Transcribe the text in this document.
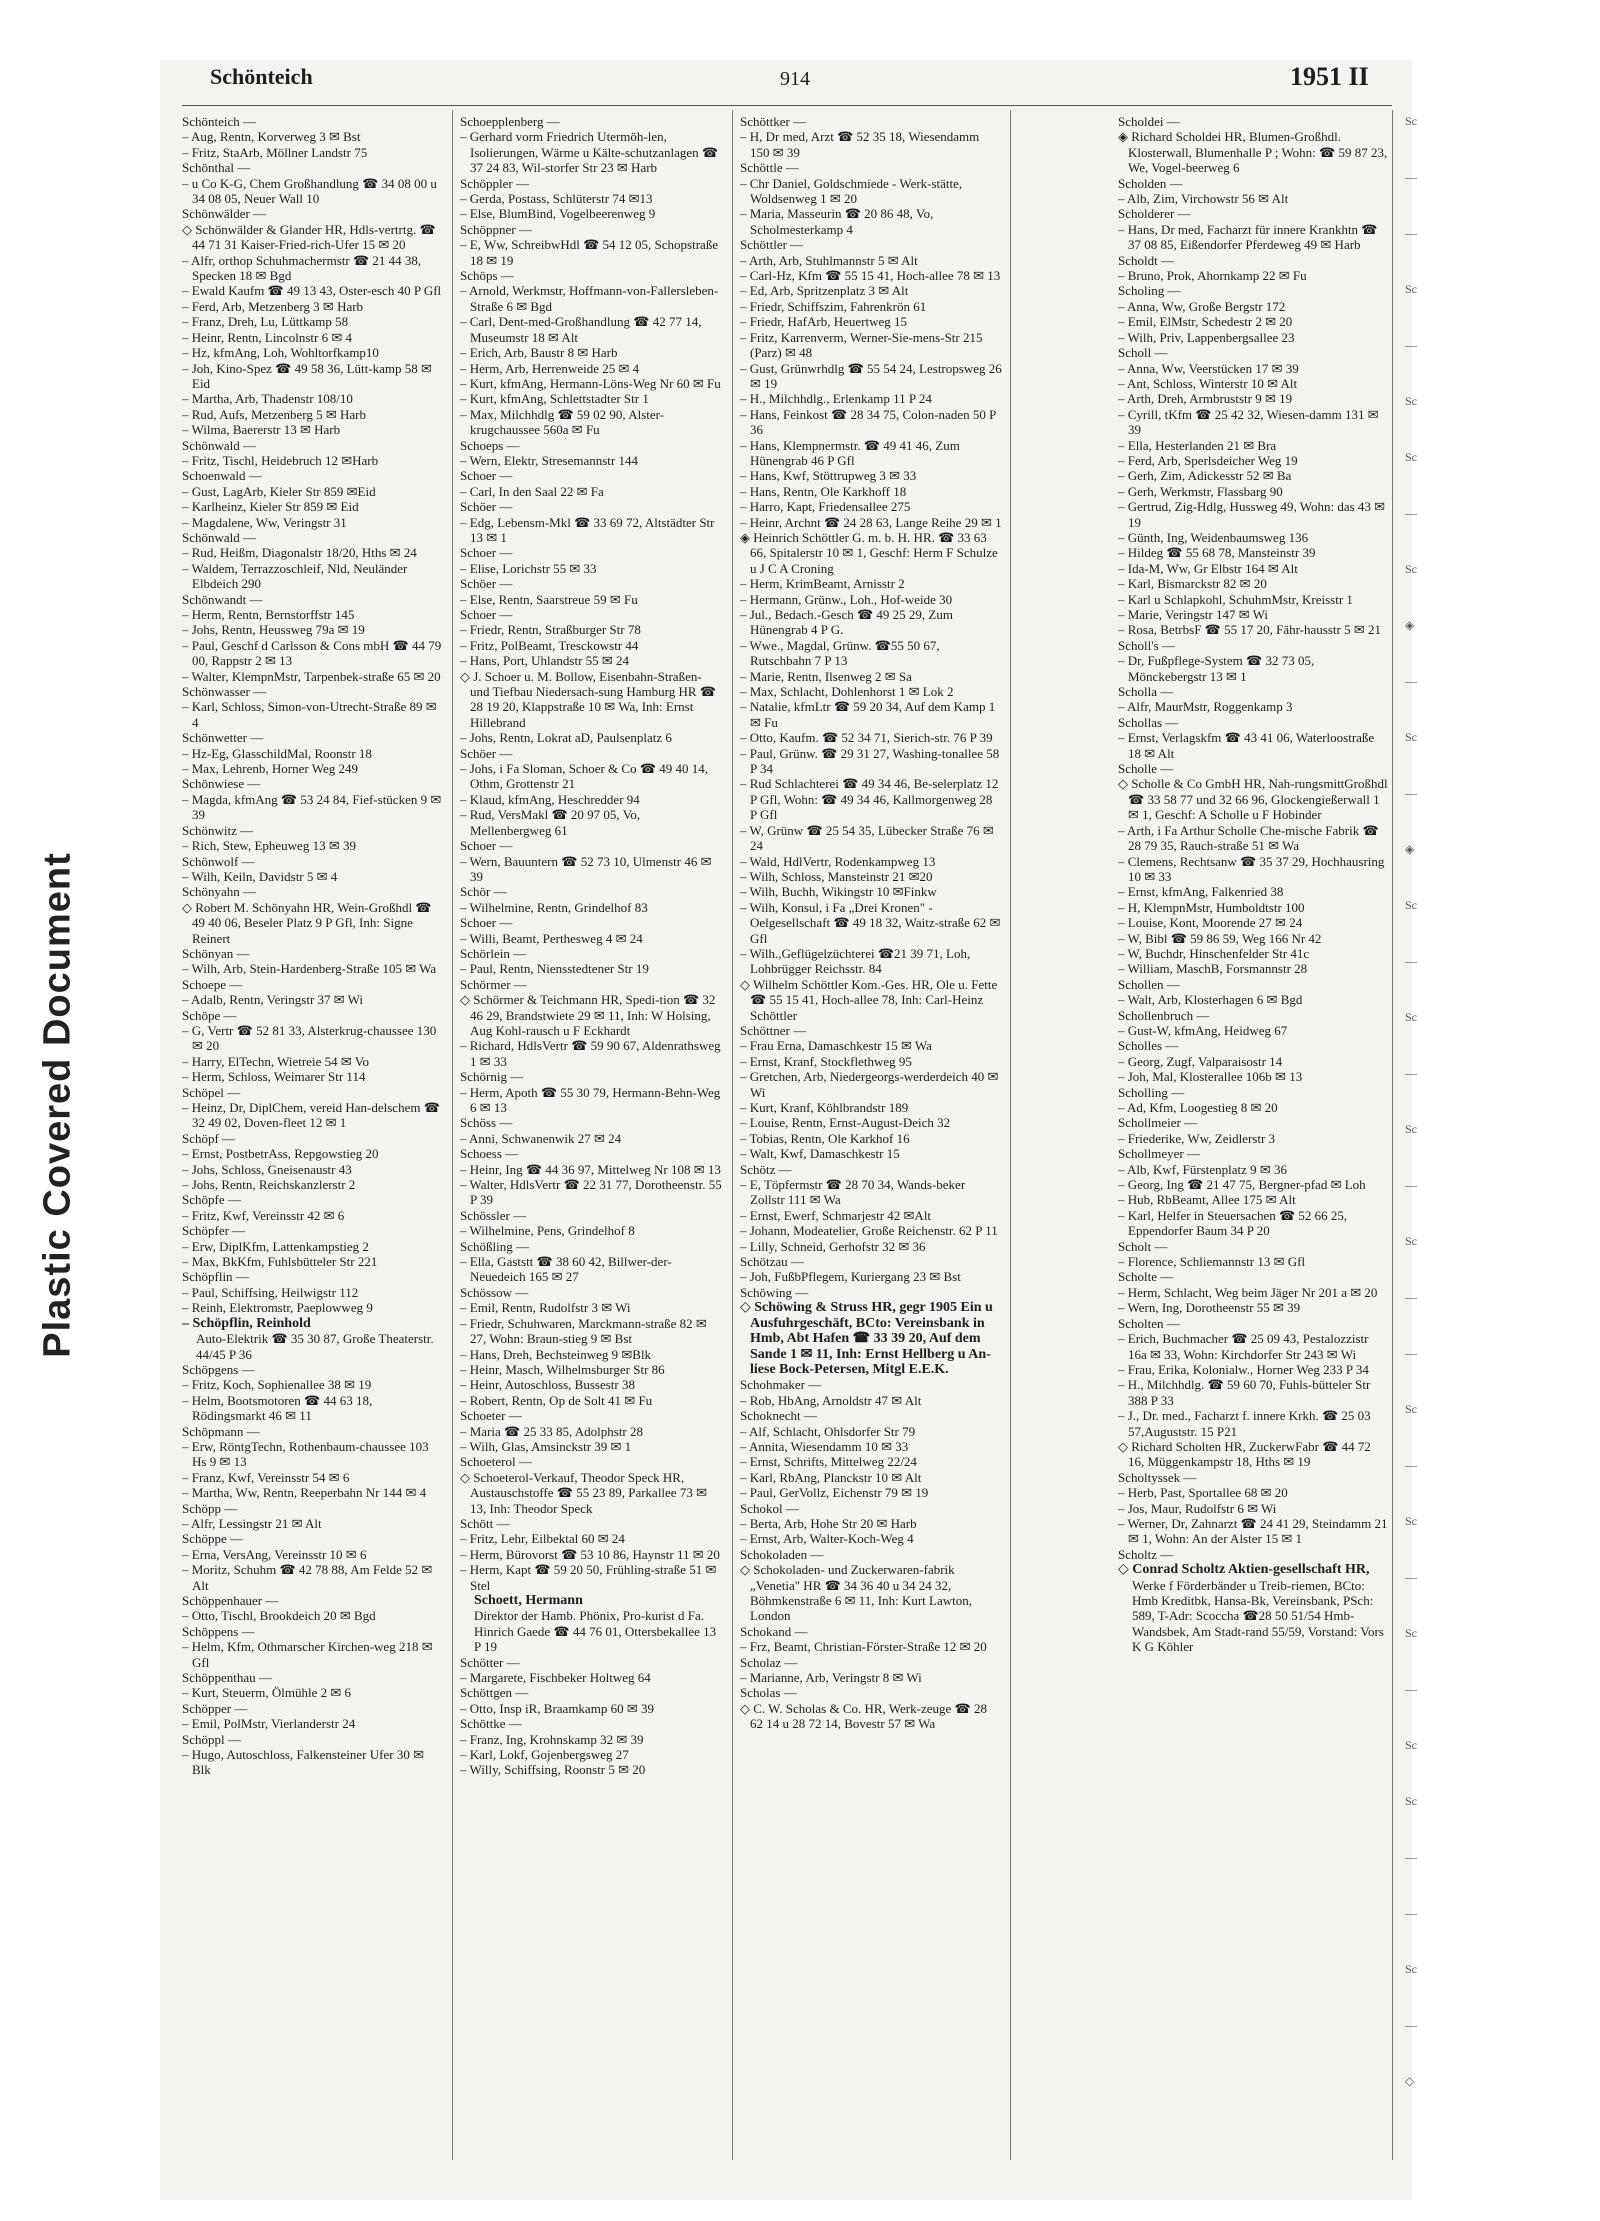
Plastic Covered Document
Schönteich	914	1951 II
Schönteich —
– Aug, Rentn, Korverweg 3 ✉ Bst
– Fritz, StaArb, Möllner Landstr 75
Schönthal —
– u Co K-G, Chem Großhandlung ☎ 34 08 00 u 34 08 05, Neuer Wall 10
Schönwälder —
◇ Schönwälder & Glander HR, Hdls-vertrtg. ☎ 44 71 31 Kaiser-Fried-rich-Ufer 15 ✉ 20
– Alfr, orthop Schuhmachermstr ☎ 21 44 38, Specken 18 ✉ Bgd
– Ewald Kaufm ☎ 49 13 43, Oster-esch 40 P Gfl
– Ferd, Arb, Metzenberg 3 ✉ Harb
– Franz, Dreh, Lu, Lüttkamp 58
– Heinr, Rentn, Lincolnstr 6 ✉ 4
– Hz, kfmAng, Loh, Wohltorfkamp10
– Joh, Kino-Spez ☎ 49 58 36, Lütt-kamp 58 ✉ Eid
– Martha, Arb, Thadenstr 108/10
– Rud, Aufs, Metzenberg 5 ✉ Harb
– Wilma, Baererstr 13 ✉ Harb
Schönwald —
– Fritz, Tischl, Heidebruch 12 ✉Harb
Schoenwald —
– Gust, LagArb, Kieler Str 859 ✉Eid
– Karlheinz, Kieler Str 859 ✉ Eid
– Magdalene, Ww, Veringstr 31
Schönwald —
– Rud, Heißm, Diagonalstr 18/20, Hths ✉ 24
– Waldem, Terrazzoschleif, Nld, Neuländer Elbdeich 290
Schönwandt —
– Herm, Rentn, Bernstorffstr 145
– Johs, Rentn, Heussweg 79a ✉ 19
– Paul, Geschf d Carlsson & Cons mbH ☎ 44 79 00, Rappstr 2 ✉ 13
– Walter, KlempnMstr, Tarpenbek-straße 65 ✉ 20
Schönwasser —
– Karl, Schloss, Simon-von-Utrecht-Straße 89 ✉ 4
Schönwetter —
– Hz-Eg, GlasschildMal, Roonstr 18
– Max, Lehrenb, Horner Weg 249
Schönwiese —
– Magda, kfmAng ☎ 53 24 84, Fief-stücken 9 ✉ 39
Schönwitz —
– Rich, Stew, Epheuweg 13 ✉ 39
Schönwolf —
– Wilh, Keiln, Davidstr 5 ✉ 4
Schönyahn —
◇ Robert M. Schönyahn HR, Wein-Großhdl ☎ 49 40 06, Beseler Platz 9 P Gfl, Inh: Signe Reinert
Schönyan —
– Wilh, Arb, Stein-Hardenberg-Straße 105 ✉ Wa
Schoepe —
– Adalb, Rentn, Veringstr 37 ✉ Wi
Schöpe —
– G, Vertr ☎ 52 81 33, Alsterkrug-chaussee 130 ✉ 20
– Harry, ElTechn, Wietreie 54 ✉ Vo
– Herm, Schloss, Weimarer Str 114
Schöpel —
– Heinz, Dr, DiplChem, vereid Han-delschem ☎ 32 49 02, Doven-fleet 12 ✉ 1
Schöpf —
– Ernst, PostbetrAss, Repgowstieg 20
– Johs, Schloss, Gneisenaustr 43
– Johs, Rentn, Reichskanzlerstr 2
Schöpfe —
– Fritz, Kwf, Vereinsstr 42 ✉ 6
Schöpfer —
– Erw, DiplKfm, Lattenkampstieg 2
– Max, BkKfm, Fuhlsbütteler Str 221
Schöpflin —
– Paul, Schiffsing, Heilwigstr 112
– Reinh, Elektromstr, Paeplowweg 9
– Schöpflin, Reinhold
Auto-Elektrik ☎ 35 30 87, Große Theaterstr. 44/45 P 36
Schöpgens —
– Fritz, Koch, Sophienallee 38 ✉ 19
– Helm, Bootsmotoren ☎ 44 63 18, Rödingsmarkt 46 ✉ 11
Schöpmann —
– Erw, RöntgTechn, Rothenbaum-chaussee 103 Hs 9 ✉ 13
– Franz, Kwf, Vereinsstr 54 ✉ 6
– Martha, Ww, Rentn, Reeperbahn Nr 144 ✉ 4
Schöpp —
– Alfr, Lessingstr 21 ✉ Alt
Schöppe —
– Erna, VersAng, Vereinsstr 10 ✉ 6
– Moritz, Schuhm ☎ 42 78 88, Am Felde 52 ✉ Alt
Schöppenhauer —
– Otto, Tischl, Brookdeich 20 ✉ Bgd
Schöppens —
– Helm, Kfm, Othmarscher Kirchen-weg 218 ✉ Gfl
Schöppenthau —
– Kurt, Steuerm, Ölmühle 2 ✉ 6
Schöpper —
– Emil, PolMstr, Vierlanderstr 24
Schöppl —
– Hugo, Autoschloss, Falkensteiner Ufer 30 ✉ Blk
Schoepplenberg —
– Gerhard vorm Friedrich Utermöh-len, Isolierungen, Wärme u Kälte-schutzanlagen ☎ 37 24 83, Wil-storfer Str 23 ✉ Harb
Schöppler —
– Gerda, Postass, Schlüterstr 74 ✉13
– Else, BlumBind, Vogelbeerenweg 9
Schöppner —
– E, Ww, SchreibwHdl ☎ 54 12 05, Schopstraße 18 ✉ 19
Schöps —
– Arnold, Werkmstr, Hoffmann-von-Fallersleben-Straße 6 ✉ Bgd
– Carl, Dent-med-Großhandlung ☎ 42 77 14, Museumstr 18 ✉ Alt
– Erich, Arb, Baustr 8 ✉ Harb
– Herm, Arb, Herrenweide 25 ✉ 4
– Kurt, kfmAng, Hermann-Löns-Weg Nr 60 ✉ Fu
– Kurt, kfmAng, Schlettstadter Str 1
– Max, Milchhdlg ☎ 59 02 90, Alster-krugchaussee 560a ✉ Fu
Schoeps —
– Wern, Elektr, Stresemannstr 144
Schoer —
– Carl, In den Saal 22 ✉ Fa
Schöer —
– Edg, Lebensm-Mkl ☎ 33 69 72, Altstädter Str 13 ✉ 1
Schoer —
– Elise, Lorichstr 55 ✉ 33
Schöer —
– Else, Rentn, Saarstreue 59 ✉ Fu
Schoer —
– Friedr, Rentn, Straßburger Str 78
– Fritz, PolBeamt, Tresckowstr 44
– Hans, Port, Uhlandstr 55 ✉ 24
◇ J. Schoer u. M. Bollow, Eisenbahn-Straßen- und Tiefbau Niedersach-sung Hamburg HR ☎ 28 19 20, Klappstraße 10 ✉ Wa, Inh: Ernst Hillebrand
– Johs, Rentn, Lokrat aD, Paulsenplatz 6
Schöer —
– Johs, i Fa Sloman, Schoer & Co ☎ 49 40 14, Othm, Grottenstr 21
– Klaud, kfmAng, Heschredder 94
– Rud, VersMakl ☎ 20 97 05, Vo, Mellenbergweg 61
Schoer —
– Wern, Bauuntern ☎ 52 73 10, Ulmenstr 46 ✉ 39
Schör —
– Wilhelmine, Rentn, Grindelhof 83
Schoer —
– Willi, Beamt, Perthesweg 4 ✉ 24
Schörlein —
– Paul, Rentn, Niensstedtener Str 19
Schörmer —
◇ Schörmer & Teichmann HR, Spedi-tion ☎ 32 46 29, Brandstwiete 29 ✉ 11, Inh: W Holsing, Aug Kohl-rausch u F Eckhardt
– Richard, HdlsVertr ☎ 59 90 67, Aldenrathsweg 1 ✉ 33
Schörnig —
– Herm, Apoth ☎ 55 30 79, Hermann-Behn-Weg 6 ✉ 13
Schöss —
– Anni, Schwanenwik 27 ✉ 24
Schoess —
– Heinr, Ing ☎ 44 36 97, Mittelweg Nr 108 ✉ 13
– Walter, HdlsVertr ☎ 22 31 77, Dorotheenstr. 55 P 39
Schössler —
– Wilhelmine, Pens, Grindelhof 8
Schößling —
– Ella, Gaststt ☎ 38 60 42, Billwer-der-Neuedeich 165 ✉ 27
Schössow —
– Emil, Rentn, Rudolfstr 3 ✉ Wi
– Friedr, Schuhwaren, Marckmann-straße 82 ✉ 27, Wohn: Braun-stieg 9 ✉ Bst
– Hans, Dreh, Bechsteinweg 9 ✉Blk
– Heinr, Masch, Wilhelmsburger Str 86
– Heinr, Autoschloss, Bussestr 38
– Robert, Rentn, Op de Solt 41 ✉ Fu
Schoeter —
– Maria ☎ 25 33 85, Adolphstr 28
– Wilh, Glas, Amsinckstr 39 ✉ 1
Schoeterol —
◇ Schoeterol-Verkauf, Theodor Speck HR, Austauschstoffe ☎ 55 23 89, Parkallee 73 ✉ 13, Inh: Theodor Speck
Schött —
– Fritz, Lehr, Eilbektal 60 ✉ 24
– Herm, Bürovorst ☎ 53 10 86, Haynstr 11 ✉ 20
– Herm, Kapt ☎ 59 20 50, Frühling-straße 51 ✉ Stel
Schoett, Hermann
Direktor der Hamb. Phönix, Pro-kurist d Fa. Hinrich Gaede ☎ 44 76 01, Ottersbekallee 13 P 19
Schötter —
– Margarete, Fischbeker Holtweg 64
Schöttgen —
– Otto, Insp iR, Braamkamp 60 ✉ 39
Schöttke —
– Franz, Ing, Krohnskamp 32 ✉ 39
– Karl, Lokf, Gojenbergsweg 27
– Willy, Schiffsing, Roonstr 5 ✉ 20
Schöttker —
– H, Dr med, Arzt ☎ 52 35 18, Wiesendamm 150 ✉ 39
Schöttle —
– Chr Daniel, Goldschmiede - Werk-stätte, Woldsenweg 1 ✉ 20
– Maria, Masseurin ☎ 20 86 48, Vo, Scholmesterkamp 4
Schöttler —
– Arth, Arb, Stuhlmannstr 5 ✉ Alt
– Carl-Hz, Kfm ☎ 55 15 41, Hoch-allee 78 ✉ 13
– Ed, Arb, Spritzenplatz 3 ✉ Alt
– Friedr, Schiffszim, Fahrenkrön 61
– Friedr, HafArb, Heuertweg 15
– Fritz, Karrenverm, Werner-Sie-mens-Str 215 (Parz) ✉ 48
– Gust, Grünwrhdlg ☎ 55 54 24, Lestropsweg 26 ✉ 19
– H., Milchhdlg., Erlenkamp 11 P 24
– Hans, Feinkost ☎ 28 34 75, Colon-naden 50 P 36
– Hans, Klempnermstr. ☎ 49 41 46, Zum Hünengrab 46 P Gfl
– Hans, Kwf, Stöttrupweg 3 ✉ 33
– Hans, Rentn, Ole Karkhoff 18
– Harro, Kapt, Friedensallee 275
– Heinr, Archnt ☎ 24 28 63, Lange Reihe 29 ✉ 1
◈ Heinrich Schöttler G. m. b. H. HR. ☎ 33 63 66, Spitalerstr 10 ✉ 1, Geschf: Herm F Schulze u J C A Croning
– Herm, KrimBeamt, Arnisstr 2
– Hermann, Grünw., Loh., Hof-weide 30
– Jul., Bedach.-Gesch ☎ 49 25 29, Zum Hünengrab 4 P G.
– Wwe., Magdal, Grünw. ☎55 50 67, Rutschbahn 7 P 13
– Marie, Rentn, Ilsenweg 2 ✉ Sa
– Max, Schlacht, Dohlenhorst 1 ✉ Lok 2
– Natalie, kfmLtr ☎ 59 20 34, Auf dem Kamp 1 ✉ Fu
– Otto, Kaufm. ☎ 52 34 71, Sierich-str. 76 P 39
– Paul, Grünw. ☎ 29 31 27, Washing-tonallee 58 P 34
– Rud Schlachterei ☎ 49 34 46, Be-selerplatz 12 P Gfl, Wohn: ☎ 49 34 46, Kallmorgenweg 28 P Gfl
– W, Grünw ☎ 25 54 35, Lübecker Straße 76 ✉ 24
– Wald, HdlVertr, Rodenkampweg 13
– Wilh, Schloss, Mansteinstr 21 ✉20
– Wilh, Buchh, Wikingstr 10 ✉Finkw
– Wilh, Konsul, i Fa „Drei Kronen" - Oelgesellschaft ☎ 49 18 32, Waitz-straße 62 ✉ Gfl
– Wilh.,Geflügelzüchterei ☎21 39 71, Loh, Lohbrügger Reichsstr. 84
◇ Wilhelm Schöttler Kom.-Ges. HR, Ole u. Fette ☎ 55 15 41, Hoch-allee 78, Inh: Carl-Heinz Schöttler
Schöttner —
– Frau Erna, Damaschkestr 15 ✉ Wa
– Ernst, Kranf, Stockflethweg 95
– Gretchen, Arb, Niedergeorgs-werderdeich 40 ✉ Wi
– Kurt, Kranf, Köhlbrandstr 189
– Louise, Rentn, Ernst-August-Deich 32
– Tobias, Rentn, Ole Karkhof 16
– Walt, Kwf, Damaschkestr 15
Schötz —
– E, Töpfermstr ☎ 28 70 34, Wands-beker Zollstr 111 ✉ Wa
– Ernst, Ewerf, Schmarjestr 42 ✉Alt
– Johann, Modeatelier, Große Reichenstr. 62 P 11
– Lilly, Schneid, Gerhofstr 32 ✉ 36
Schötzau —
– Joh, FußbPflegem, Kuriergang 23 ✉ Bst
Schöwing —
◇ Schöwing & Struss HR, gegr 1905 Ein u Ausfuhrgeschäft, BCto: Vereinsbank in Hmb, Abt Hafen ☎ 33 39 20, Auf dem Sande 1 ✉ 11, Inh: Ernst Hellberg u An-liese Bock-Petersen, Mitgl E.E.K.
Schohmaker —
– Rob, HbAng, Arnoldstr 47 ✉ Alt
Schoknecht —
– Alf, Schlacht, Ohlsdorfer Str 79
– Annita, Wiesendamm 10 ✉ 33
– Ernst, Schrifts, Mittelweg 22/24
– Karl, RbAng, Planckstr 10 ✉ Alt
– Paul, GerVollz, Eichenstr 79 ✉ 19
Schokol —
– Berta, Arb, Hohe Str 20 ✉ Harb
– Ernst, Arb, Walter-Koch-Weg 4
Schokoladen —
◇ Schokoladen- und Zuckerwaren-fabrik „Venetia" HR ☎ 34 36 40 u 34 24 32, Böhmkenstraße 6 ✉ 11, Inh: Kurt Lawton, London
Schokand —
– Frz, Beamt, Christian-Förster-Straße 12 ✉ 20
Scholaz —
– Marianne, Arb, Veringstr 8 ✉ Wi
Scholas —
◇ C. W. Scholas & Co. HR, Werk-zeuge ☎ 28 62 14 u 28 72 14, Bovestr 57 ✉ Wa
Scholdei —
◈ Richard Scholdei HR, Blumen-Großhdl. Klosterwall, Blumenhalle P ; Wohn: ☎ 59 87 23, We, Vogel-beerweg 6
Scholden —
– Alb, Zim, Virchowstr 56 ✉ Alt
Scholderer —
– Hans, Dr med, Facharzt für innere Krankhtn ☎ 37 08 85, Eißendorfer Pferdeweg 49 ✉ Harb
Scholdt —
– Bruno, Prok, Ahornkamp 22 ✉ Fu
Scholing —
– Anna, Ww, Große Bergstr 172
– Emil, ElMstr, Schedestr 2 ✉ 20
– Wilh, Priv, Lappenbergsallee 23
Scholl —
– Anna, Ww, Veerstücken 17 ✉ 39
– Ant, Schloss, Winterstr 10 ✉ Alt
– Arth, Dreh, Armbruststr 9 ✉ 19
– Cyrill, tKfm ☎ 25 42 32, Wiesen-damm 131 ✉ 39
– Ella, Hesterlanden 21 ✉ Bra
– Ferd, Arb, Sperlsdeicher Weg 19
– Gerh, Zim, Adickesstr 52 ✉ Ba
– Gerh, Werkmstr, Flassbarg 90
– Gertrud, Zig-Hdlg, Hussweg 49, Wohn: das 43 ✉ 19
– Günth, Ing, Weidenbaumsweg 136
– Hildeg ☎ 55 68 78, Mansteinstr 39
– Ida-M, Ww, Gr Elbstr 164 ✉ Alt
– Karl, Bismarckstr 82 ✉ 20
– Karl u Schlapkohl, SchuhmMstr, Kreisstr 1
– Marie, Veringstr 147 ✉ Wi
– Rosa, BetrbsF ☎ 55 17 20, Fähr-hausstr 5 ✉ 21
Scholl's —
– Dr, Fußpflege-System ☎ 32 73 05, Mönckebergstr 13 ✉ 1
Scholla —
– Alfr, MaurMstr, Roggenkamp 3
Schollas —
– Ernst, Verlagskfm ☎ 43 41 06, Waterloostraße 18 ✉ Alt
Scholle —
◇ Scholle & Co GmbH HR, Nah-rungsmittGroßhdl ☎ 33 58 77 und 32 66 96, Glockengießerwall 1 ✉ 1, Geschf: A Scholle u F Hobinder
– Arth, i Fa Arthur Scholle Che-mische Fabrik ☎ 28 79 35, Rauch-straße 51 ✉ Wa
– Clemens, Rechtsanw ☎ 35 37 29, Hochhausring 10 ✉ 33
– Ernst, kfmAng, Falkenried 38
– H, KlempnMstr, Humboldtstr 100
– Louise, Kont, Moorende 27 ✉ 24
– W, Bibl ☎ 59 86 59, Weg 166 Nr 42
– W, Buchdr, Hinschenfelder Str 41c
– William, MaschB, Forsmannstr 28
Schollen —
– Walt, Arb, Klosterhagen 6 ✉ Bgd
Schollenbruch —
– Gust-W, kfmAng, Heidweg 67
Scholles —
– Georg, Zugf, Valparaisostr 14
– Joh, Mal, Klosterallee 106b ✉ 13
Scholling —
– Ad, Kfm, Loogestieg 8 ✉ 20
Schollmeier —
– Friederike, Ww, Zeidlerstr 3
Schollmeyer —
– Alb, Kwf, Fürstenplatz 9 ✉ 36
– Georg, Ing ☎ 21 47 75, Bergner-pfad ✉ Loh
– Hub, RbBeamt, Allee 175 ✉ Alt
– Karl, Helfer in Steuersachen ☎ 52 66 25, Eppendorfer Baum 34 P 20
Scholt —
– Florence, Schliemannstr 13 ✉ Gfl
Scholte —
– Herm, Schlacht, Weg beim Jäger Nr 201 a ✉ 20
– Wern, Ing, Dorotheenstr 55 ✉ 39
Scholten —
– Erich, Buchmacher ☎ 25 09 43, Pestalozzistr 16a ✉ 33, Wohn: Kirchdorfer Str 243 ✉ Wi
– Frau, Erika, Kolonialw., Horner Weg 233 P 34
– H., Milchhdlg. ☎ 59 60 70, Fuhls-bütteler Str 388 P 33
– J., Dr. med., Facharzt f. innere Krkh. ☎ 25 03 57,Auguststr. 15 P21
◇ Richard Scholten HR, ZuckerwFabr ☎ 44 72 16, Müggenkampstr 18, Hths ✉ 19
Scholtyssek —
– Herb, Past, Sportallee 68 ✉ 20
– Jos, Maur, Rudolfstr 6 ✉ Wi
– Werner, Dr, Zahnarzt ☎ 24 41 29, Steindamm 21 ✉ 1, Wohn: An der Alster 15 ✉ 1
Scholtz —
◇ Conrad Scholtz Aktien-gesellschaft HR,
Werke f Förderbänder u Treib-riemen, BCto: Hmb Kreditbk, Hansa-Bk, Vereinsbank, PSch: 589, T-Adr: Scoccha ☎28 50 51/54 Hmb-Wandsbek, Am Stadt-rand 55/59, Vorstand: Vors K G Köhler
Sc
—
—
Sc
—
Sc
Sc
—
Sc
◈
—
Sc
—
◈
Sc
—
Sc
—
Sc
—
Sc
—
—
Sc
—
Sc
—
Sc
—
Sc
Sc
—
—
Sc
—
◇
